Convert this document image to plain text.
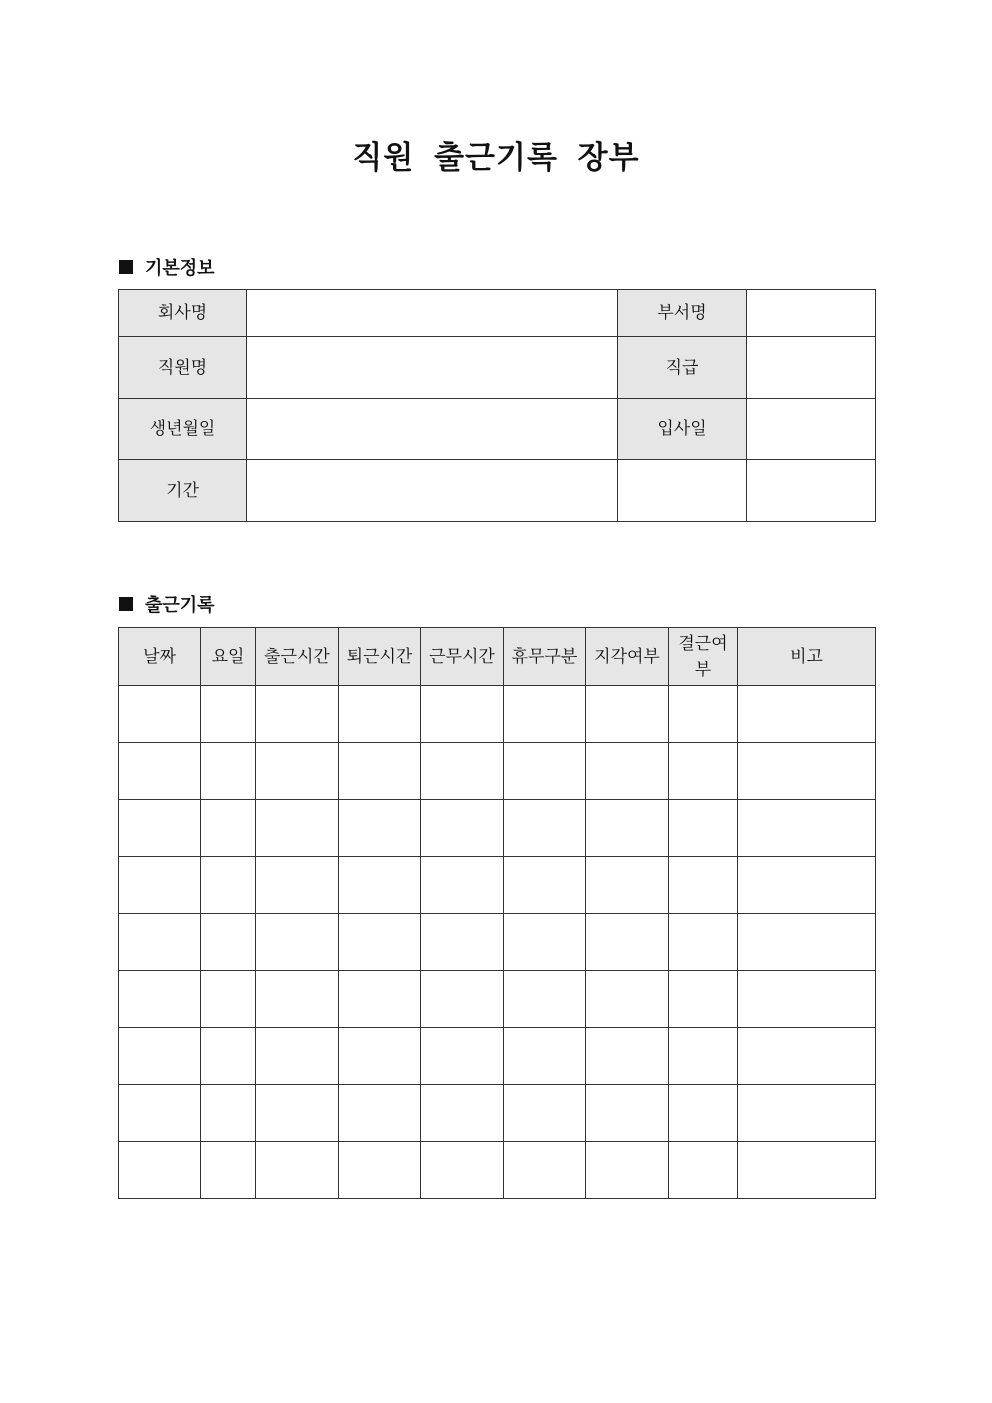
직원 출근기록 장부
기본정보
회사명		부서명	
직원명		직급	
생년월일		입사일	
기간			
출근기록
날짜	요일	출근시간	퇴근시간	근무시간	휴무구분	지각여부	결근여부	비고
